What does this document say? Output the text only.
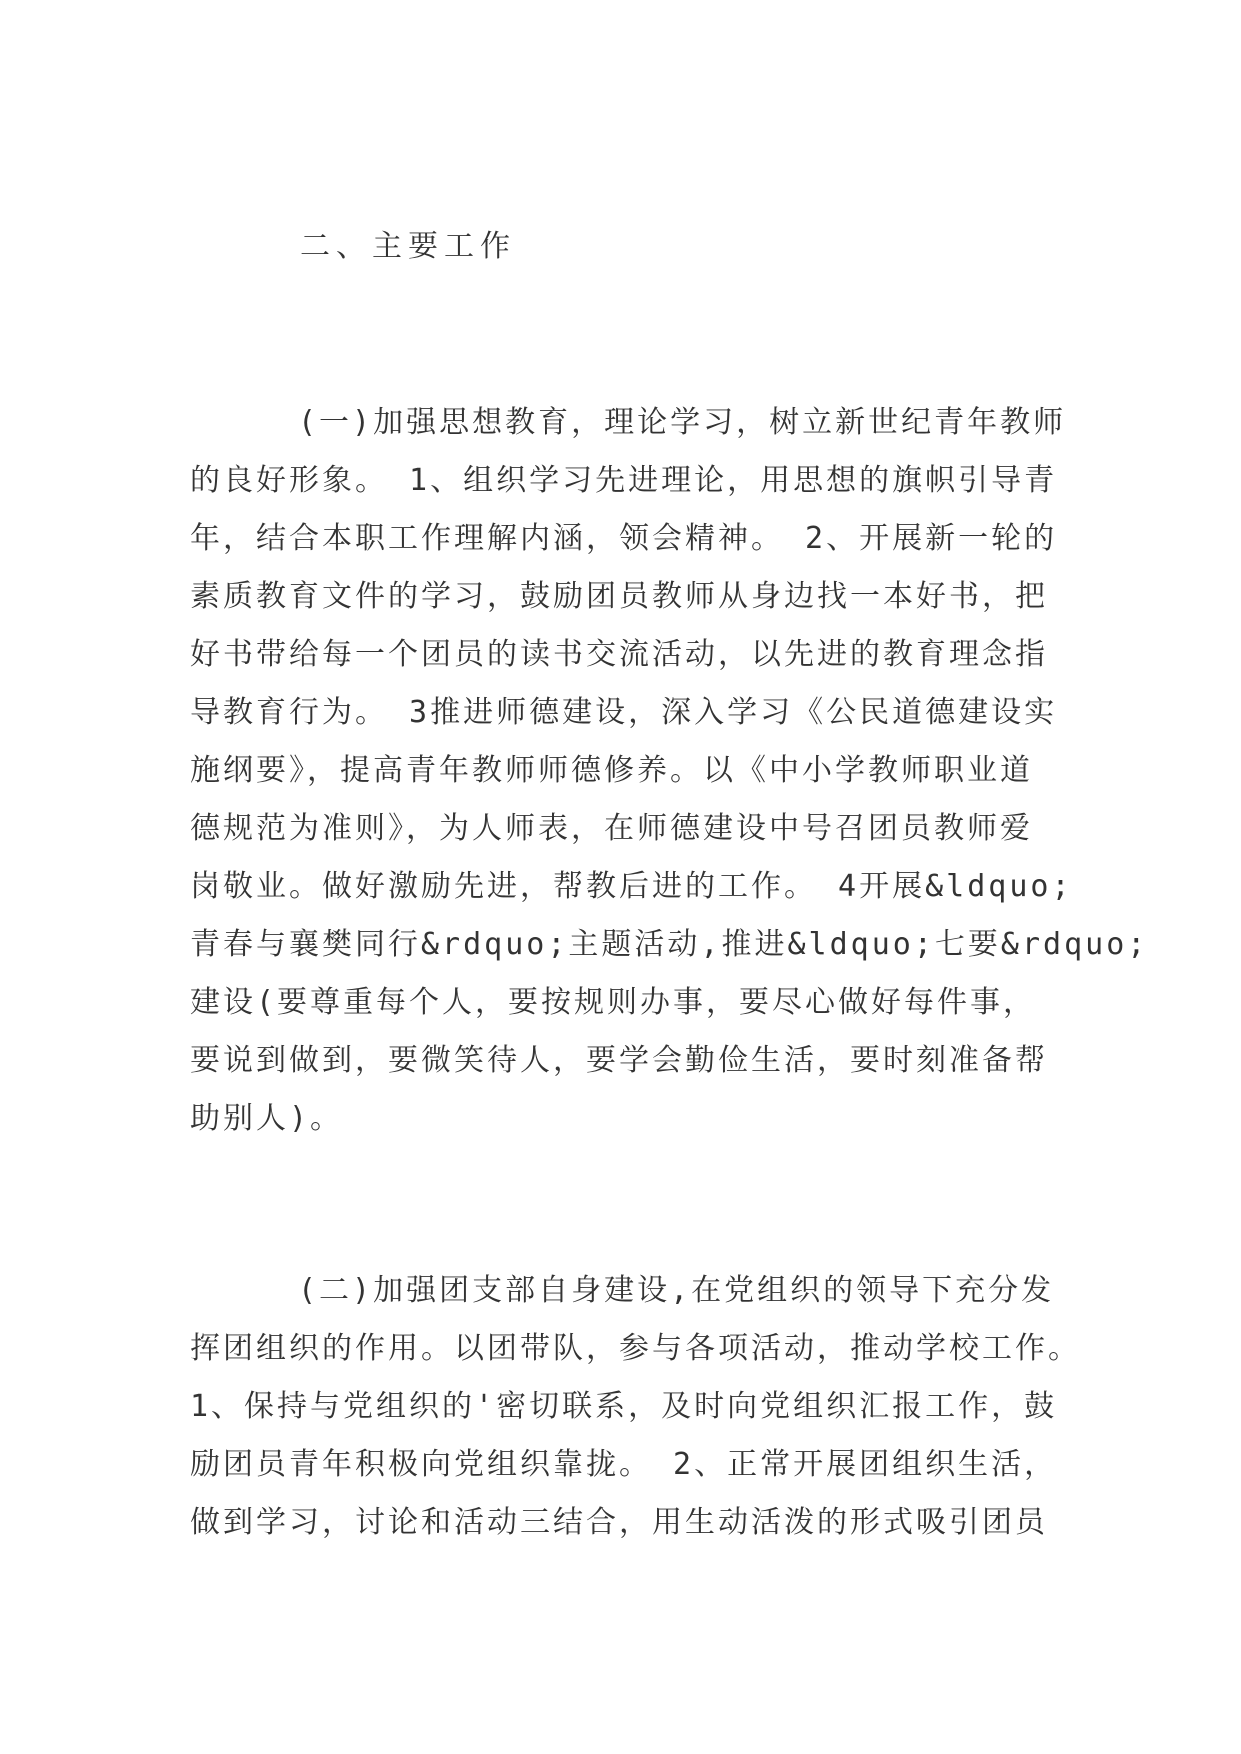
二、主要工作
(一)加强思想教育，理论学习，树立新世纪青年教师
的良好形象。 1、组织学习先进理论，用思想的旗帜引导青
年，结合本职工作理解内涵，领会精神。 2、开展新一轮的
素质教育文件的学习，鼓励团员教师从身边找一本好书，把
好书带给每一个团员的读书交流活动，以先进的教育理念指
导教育行为。 3推进师德建设，深入学习《公民道德建设实
施纲要》，提高青年教师师德修养。以《中小学教师职业道
德规范为准则》，为人师表，在师德建设中号召团员教师爱
岗敬业。做好激励先进，帮教后进的工作。 4开展&ldquo;
青春与襄樊同行&rdquo;主题活动,推进&ldquo;七要&rdquo;
建设(要尊重每个人，要按规则办事，要尽心做好每件事，
要说到做到，要微笑待人，要学会勤俭生活，要时刻准备帮
助别人)。
(二)加强团支部自身建设,在党组织的领导下充分发
挥团组织的作用。以团带队，参与各项活动，推动学校工作。
1、保持与党组织的'密切联系，及时向党组织汇报工作，鼓
励团员青年积极向党组织靠拢。 2、正常开展团组织生活，
做到学习，讨论和活动三结合，用生动活泼的形式吸引团员
